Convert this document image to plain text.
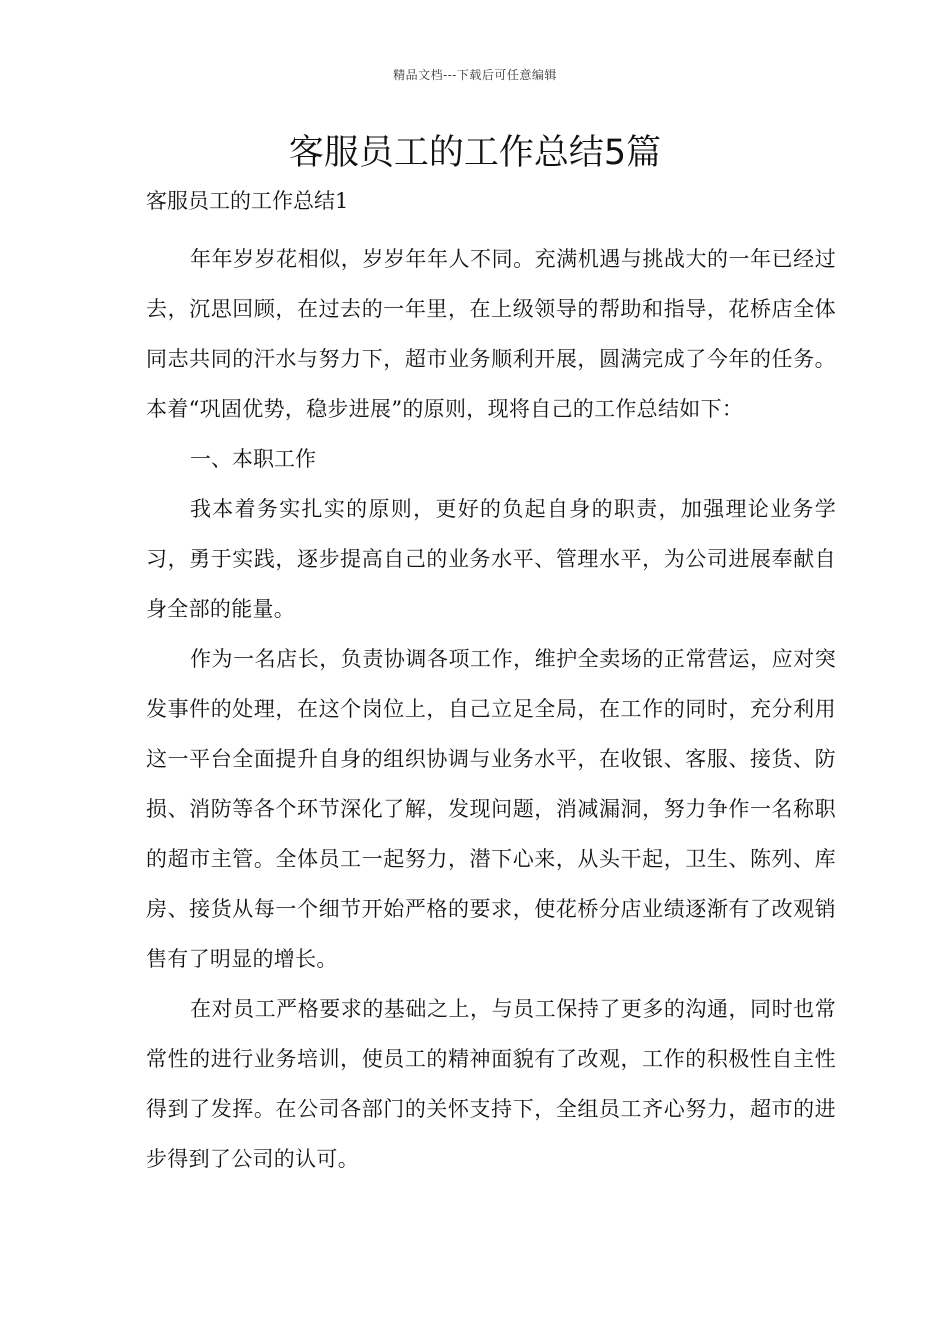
精品文档---下载后可任意编辑
客服员工的工作总结5篇
客服员工的工作总结1

年年岁岁花相似，岁岁年年人不同。充满机遇与挑战大的一年已经过去，沉思回顾，在过去的一年里，在上级领导的帮助和指导，花桥店全体同志共同的汗水与努力下，超市业务顺利开展，圆满完成了今年的任务。本着“巩固优势，稳步进展”的原则，现将自己的工作总结如下：

一、本职工作

我本着务实扎实的原则，更好的负起自身的职责，加强理论业务学习，勇于实践，逐步提高自己的业务水平、管理水平，为公司进展奉献自身全部的能量。

作为一名店长，负责协调各项工作，维护全卖场的正常营运，应对突发事件的处理，在这个岗位上，自己立足全局，在工作的同时，充分利用这一平台全面提升自身的组织协调与业务水平，在收银、客服、接货、防损、消防等各个环节深化了解，发现问题，消减漏洞，努力争作一名称职的超市主管。全体员工一起努力，潜下心来，从头干起，卫生、陈列、库房、接货从每一个细节开始严格的要求，使花桥分店业绩逐渐有了改观销售有了明显的增长。

在对员工严格要求的基础之上，与员工保持了更多的沟通，同时也常常性的进行业务培训，使员工的精神面貌有了改观，工作的积极性自主性得到了发挥。在公司各部门的关怀支持下，全组员工齐心努力，超市的进步得到了公司的认可。
